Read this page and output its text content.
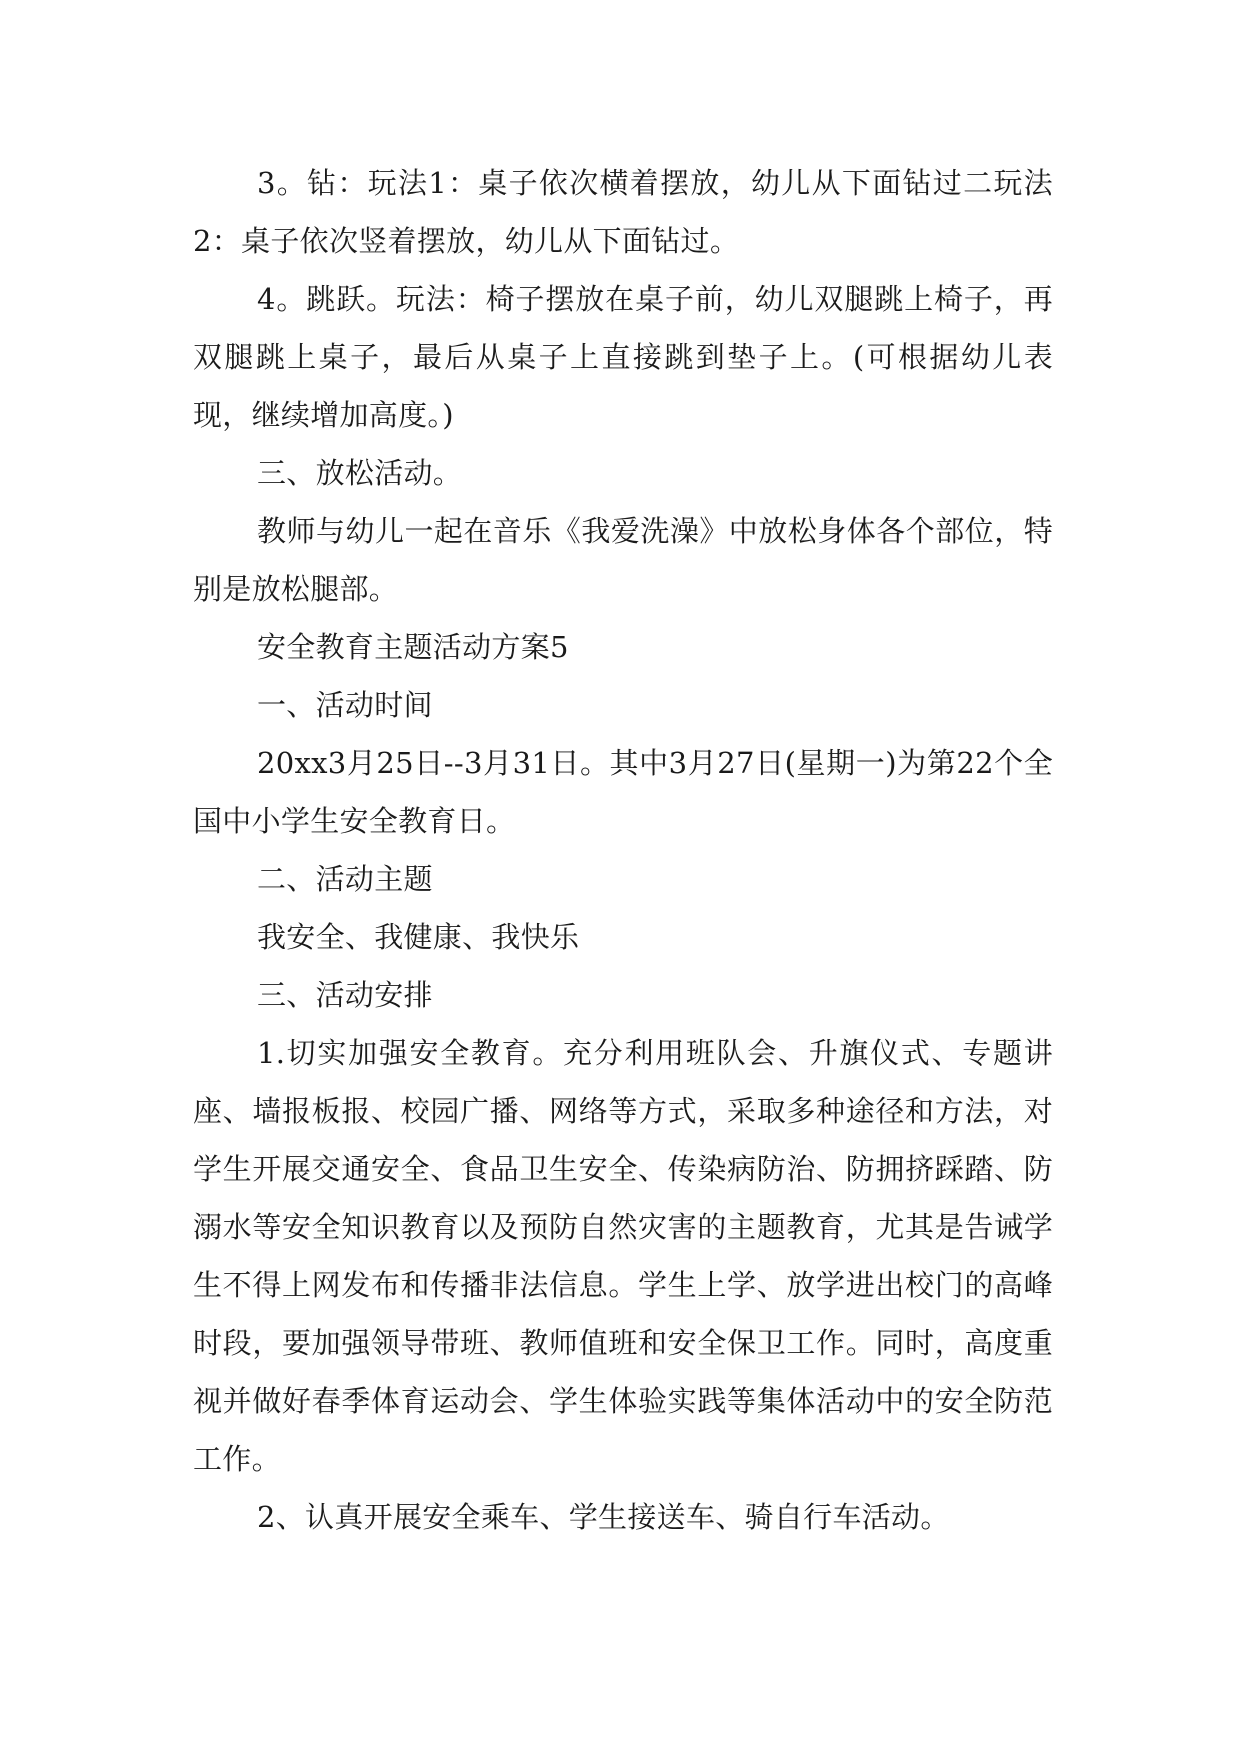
3。钻：玩法1：桌子依次横着摆放，幼儿从下面钻过二玩法2：桌子依次竖着摆放，幼儿从下面钻过。

4。跳跃。玩法：椅子摆放在桌子前，幼儿双腿跳上椅子，再双腿跳上桌子，最后从桌子上直接跳到垫子上。(可根据幼儿表现，继续增加高度。)

三、放松活动。

教师与幼儿一起在音乐《我爱洗澡》中放松身体各个部位，特别是放松腿部。

安全教育主题活动方案5

一、活动时间

20xx3月25日--3月31日。其中3月27日(星期一)为第22个全国中小学生安全教育日。

二、活动主题

我安全、我健康、我快乐

三、活动安排

1.切实加强安全教育。充分利用班队会、升旗仪式、专题讲座、墙报板报、校园广播、网络等方式，采取多种途径和方法，对学生开展交通安全、食品卫生安全、传染病防治、防拥挤踩踏、防溺水等安全知识教育以及预防自然灾害的主题教育，尤其是告诫学生不得上网发布和传播非法信息。学生上学、放学进出校门的高峰时段，要加强领导带班、教师值班和安全保卫工作。同时，高度重视并做好春季体育运动会、学生体验实践等集体活动中的安全防范工作。

2、认真开展安全乘车、学生接送车、骑自行车活动。
